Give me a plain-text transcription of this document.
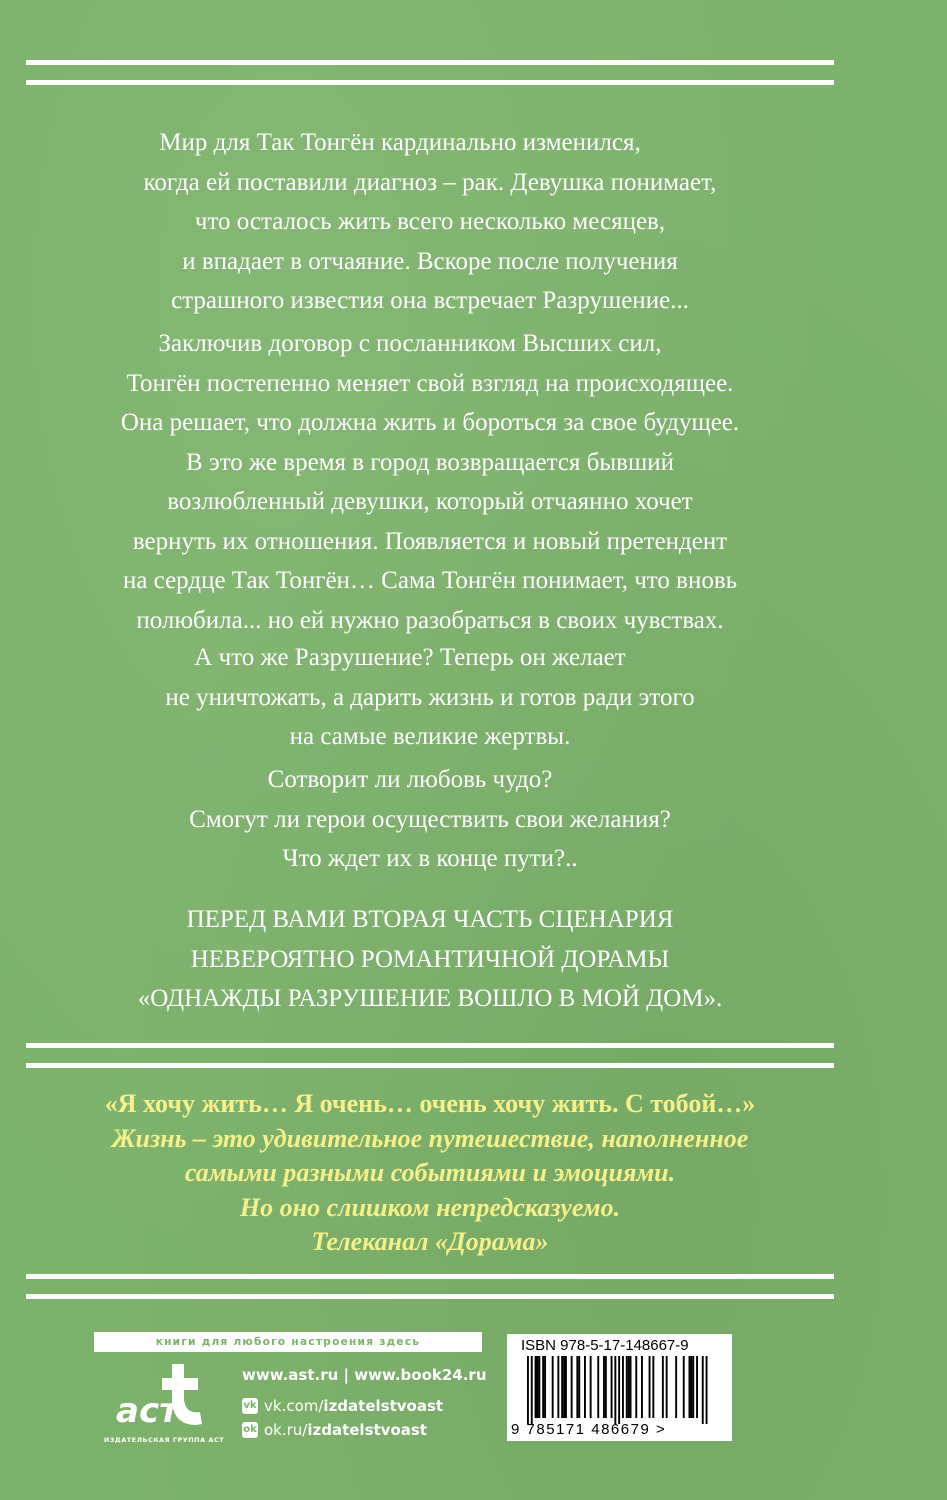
Мир для Так Тонгён кардинально изменился,
когда ей поставили диагноз – рак. Девушка понимает,
что осталось жить всего несколько месяцев,
и впадает в отчаяние. Вскоре после получения
страшного известия она встречает Разрушение...

Заключив договор с посланником Высших сил,
Тонгён постепенно меняет свой взгляд на происходящее.
Она решает, что должна жить и бороться за свое будущее.
В это же время в город возвращается бывший
возлюбленный девушки, который отчаянно хочет
вернуть их отношения. Появляется и новый претендент
на сердце Так Тонгён… Сама Тонгён понимает, что вновь
полюбила... но ей нужно разобраться в своих чувствах.

А что же Разрушение? Теперь он желает
не уничтожать, а дарить жизнь и готов ради этого
на самые великие жертвы.

Сотворит ли любовь чудо?
Смогут ли герои осуществить свои желания?
Что ждет их в конце пути?..

ПЕРЕД ВАМИ ВТОРАЯ ЧАСТЬ СЦЕНАРИЯ
НЕВЕРОЯТНО РОМАНТИЧНОЙ ДОРАМЫ
«ОДНАЖДЫ РАЗРУШЕНИЕ ВОШЛО В МОЙ ДОМ».

«Я хочу жить… Я очень… очень хочу жить. С тобой…»
Жизнь – это удивительное путешествие, наполненное
самыми разными событиями и эмоциями.
Но оно слишком непредсказуемо.
Телеканал «Дорама»

книги для любого настроения здесь
аст
ИЗДАТЕЛЬСКАЯ ГРУППА АСТ
www.ast.ru | www.book24.ru
vk vk.com/izdatelstvoast
ok ok.ru/izdatelstvoast
ISBN 978-5-17-148667-9
9 785171 486679 >
